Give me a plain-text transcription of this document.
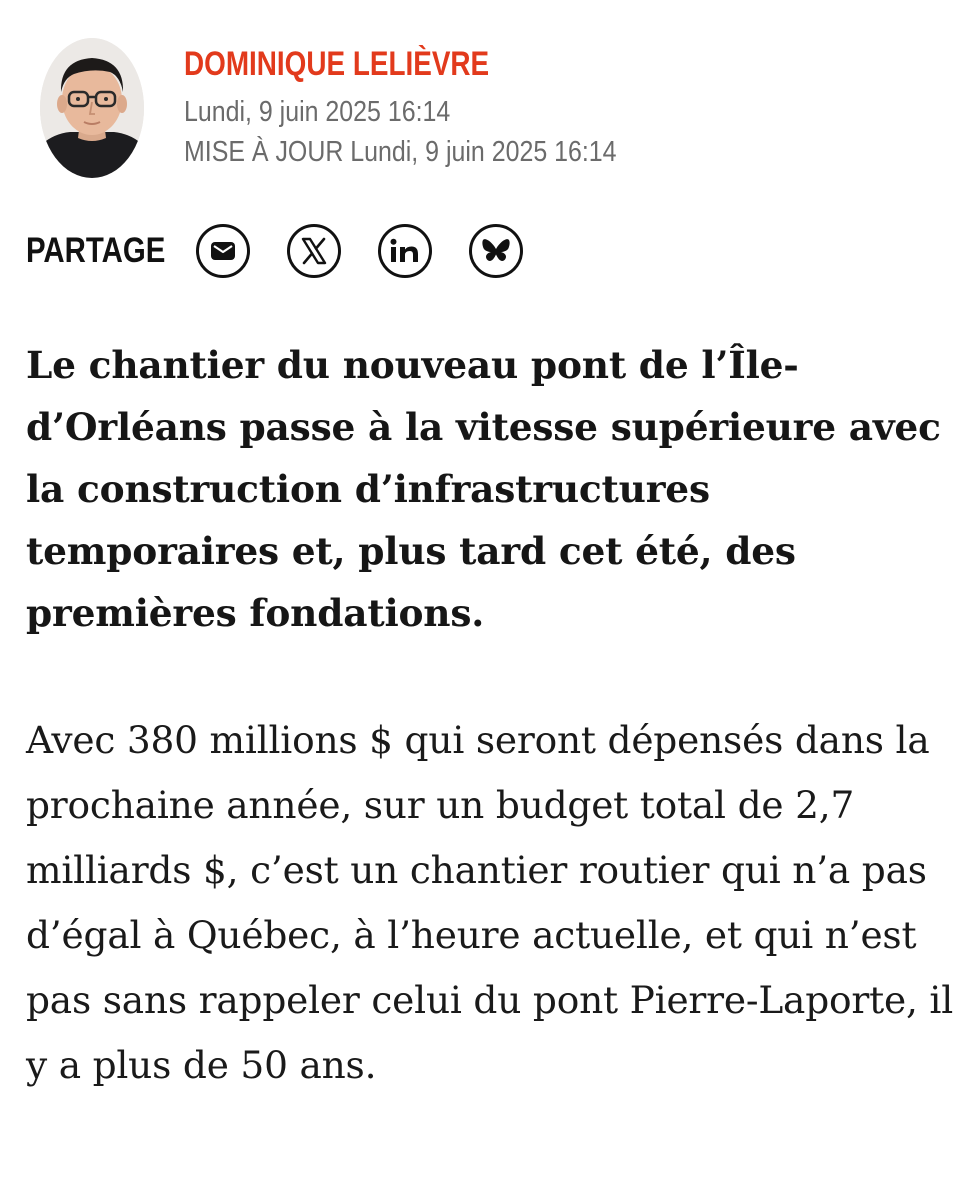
DOMINIQUE LELIÈVRE
Lundi, 9 juin 2025 16:14
MISE À JOUR Lundi, 9 juin 2025 16:14
PARTAGE
Le chantier du nouveau pont de l’Île-d’Orléans passe à la vitesse supérieure avec la construction d’infrastructures temporaires et, plus tard cet été, des premières fondations.
Avec 380 millions $ qui seront dépensés dans la prochaine année, sur un budget total de 2,7 milliards $, c’est un chantier routier qui n’a pas d’égal à Québec, à l’heure actuelle, et qui n’est pas sans rappeler celui du pont Pierre-Laporte, il y a plus de 50 ans.
